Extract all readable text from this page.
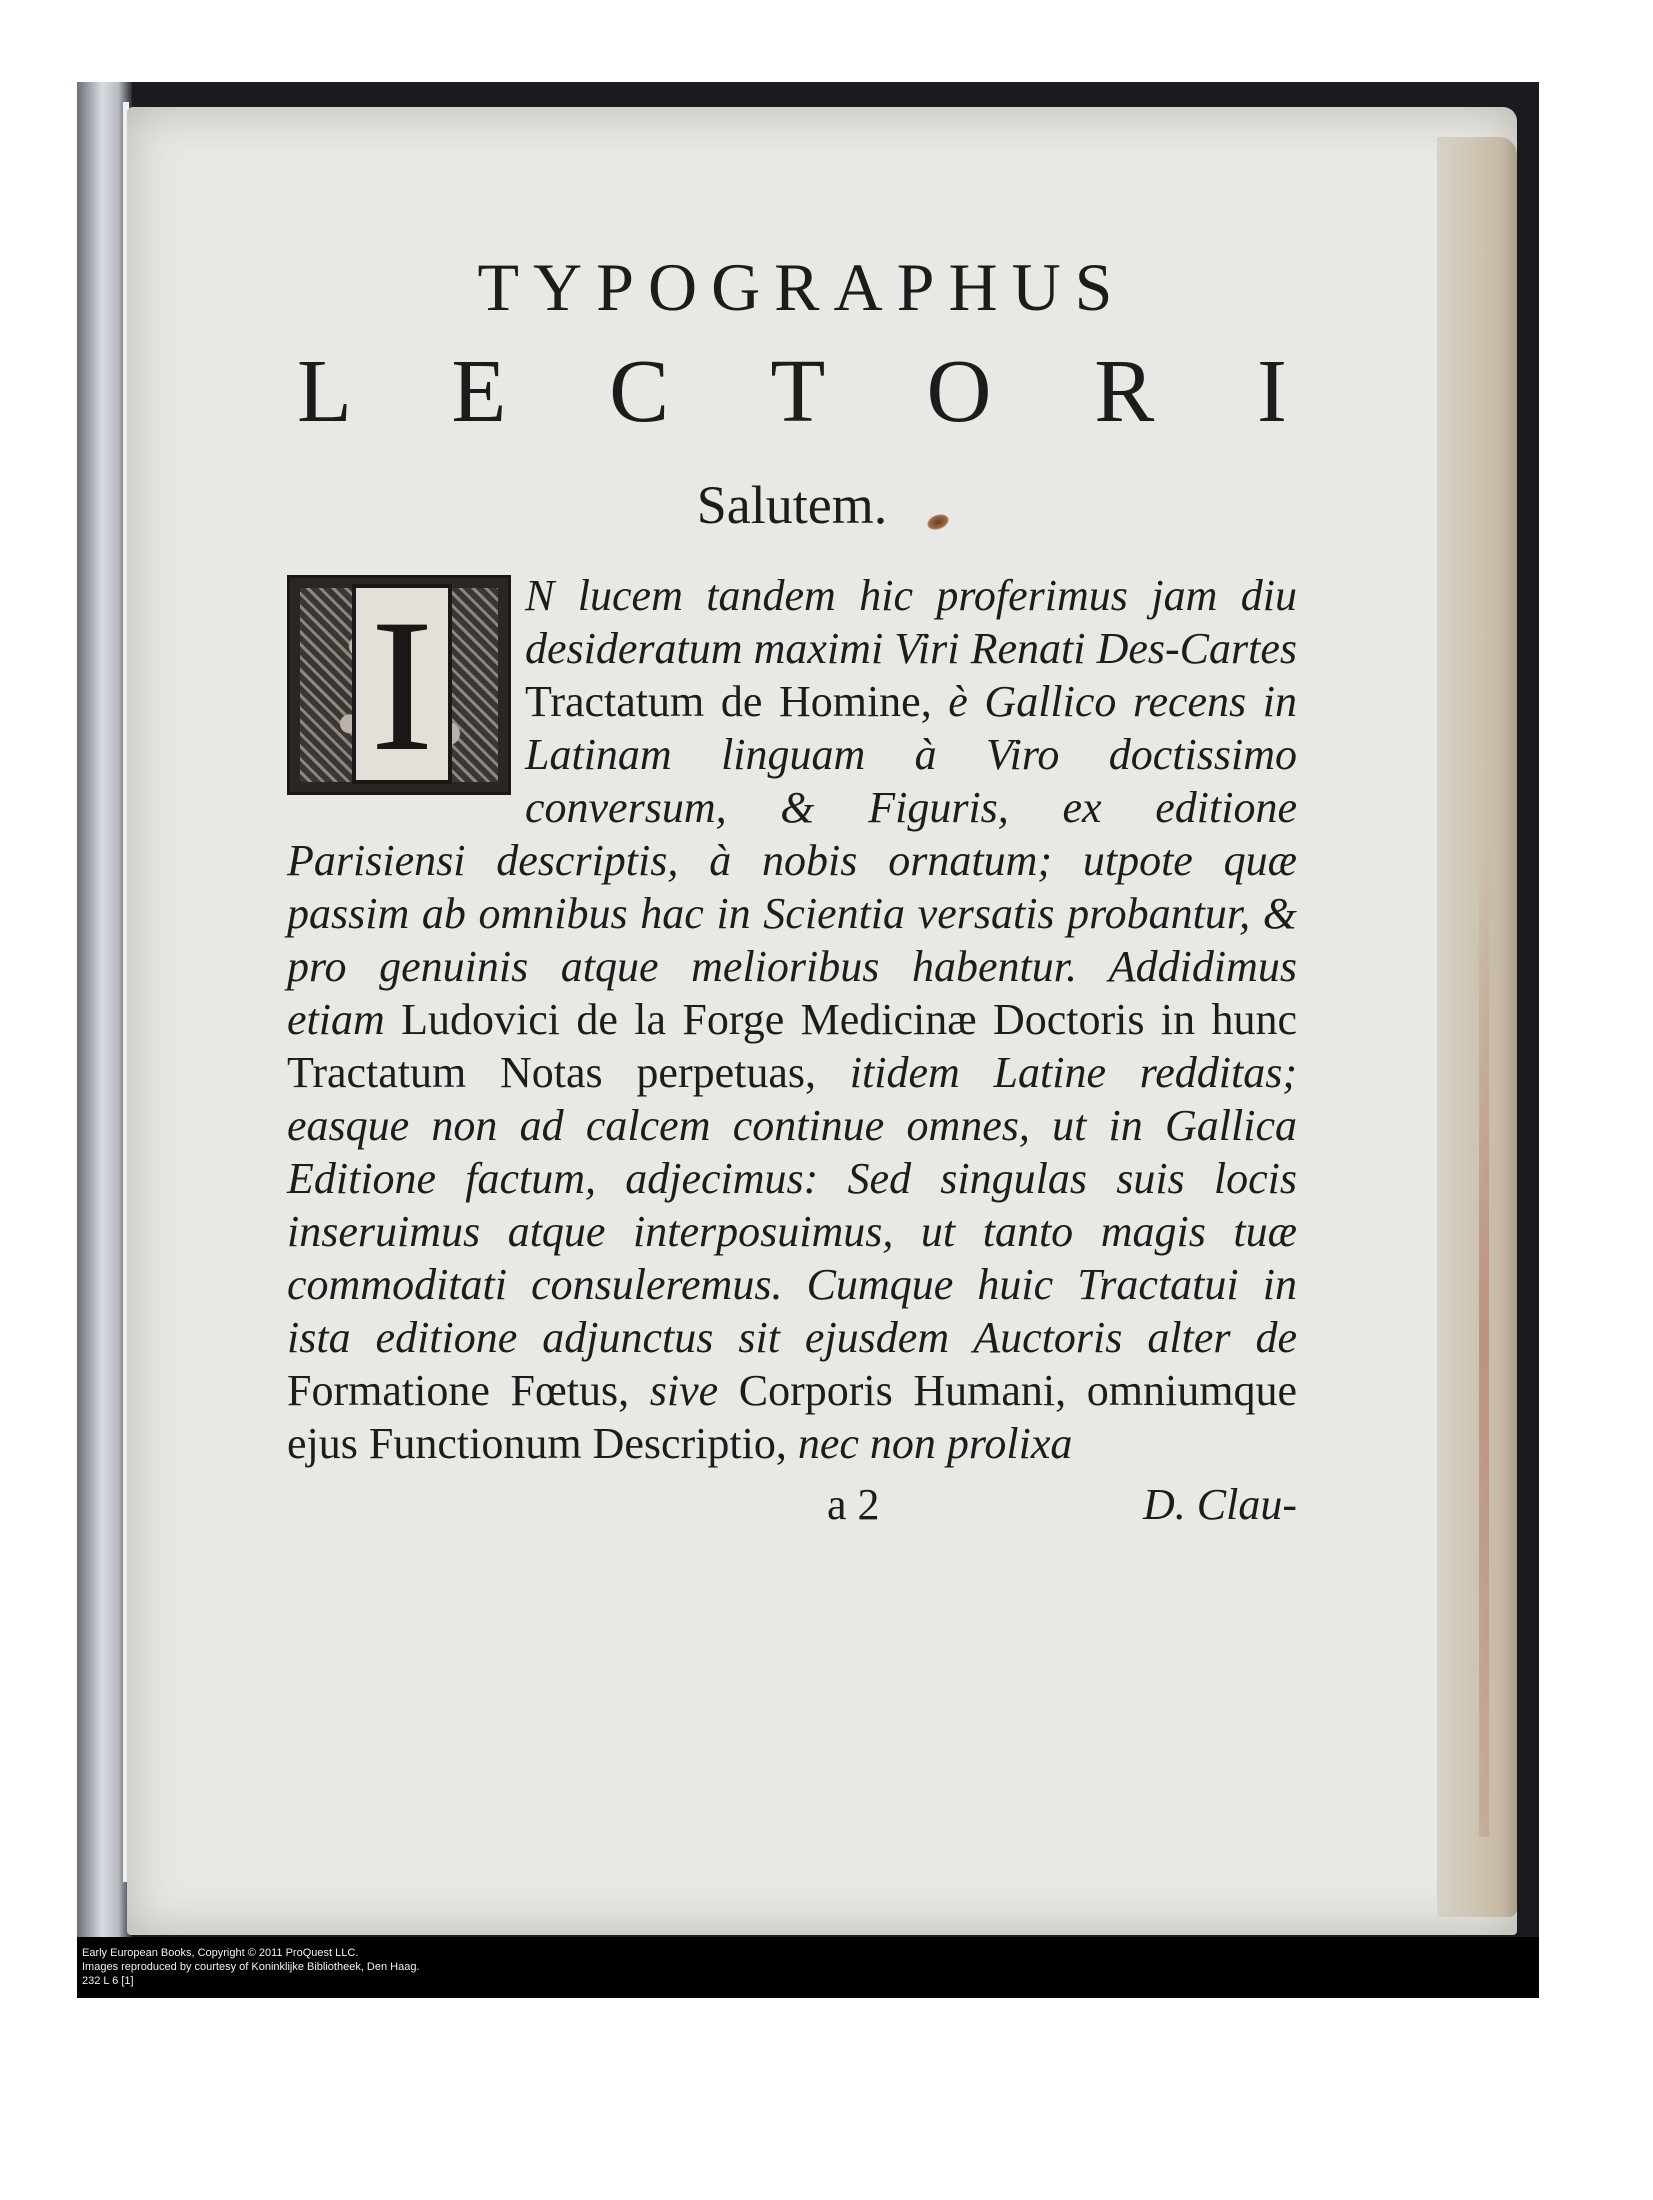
TYPOGRAPHUS
L E C T O R I
Salutem.
I	N lucem tandem hic proferimus jam diu desideratum maximi Viri Renati Des-Cartes Tractatum de Homine, è Gallico recens in Latinam linguam à Viro doctissimo conversum, & Figuris, ex editione Parisiensi descriptis, à nobis ornatum; utpote quæ passim ab omnibus hac in Scientia versatis probantur, & pro genuinis atque melioribus habentur. Addidimus etiam Ludovici de la Forge Medicinæ Doctoris in hunc Tractatum Notas perpetuas, itidem Latine redditas; easque non ad calcem continue omnes, ut in Gallica Editione factum, adjecimus: Sed singulas suis locis inseruimus atque interposuimus, ut tanto magis tuæ commoditati consuleremus. Cumque huic Tractatui in ista editione adjunctus sit ejusdem Auctoris alter de Formatione Fœtus, sive Corporis Humani, omniumque ejus Functionum Descriptio, nec non prolixa
a 2	D. Clau-
Early European Books, Copyright © 2011 ProQuest LLC.
Images reproduced by courtesy of Koninklijke Bibliotheek, Den Haag.
232 L 6 [1]
